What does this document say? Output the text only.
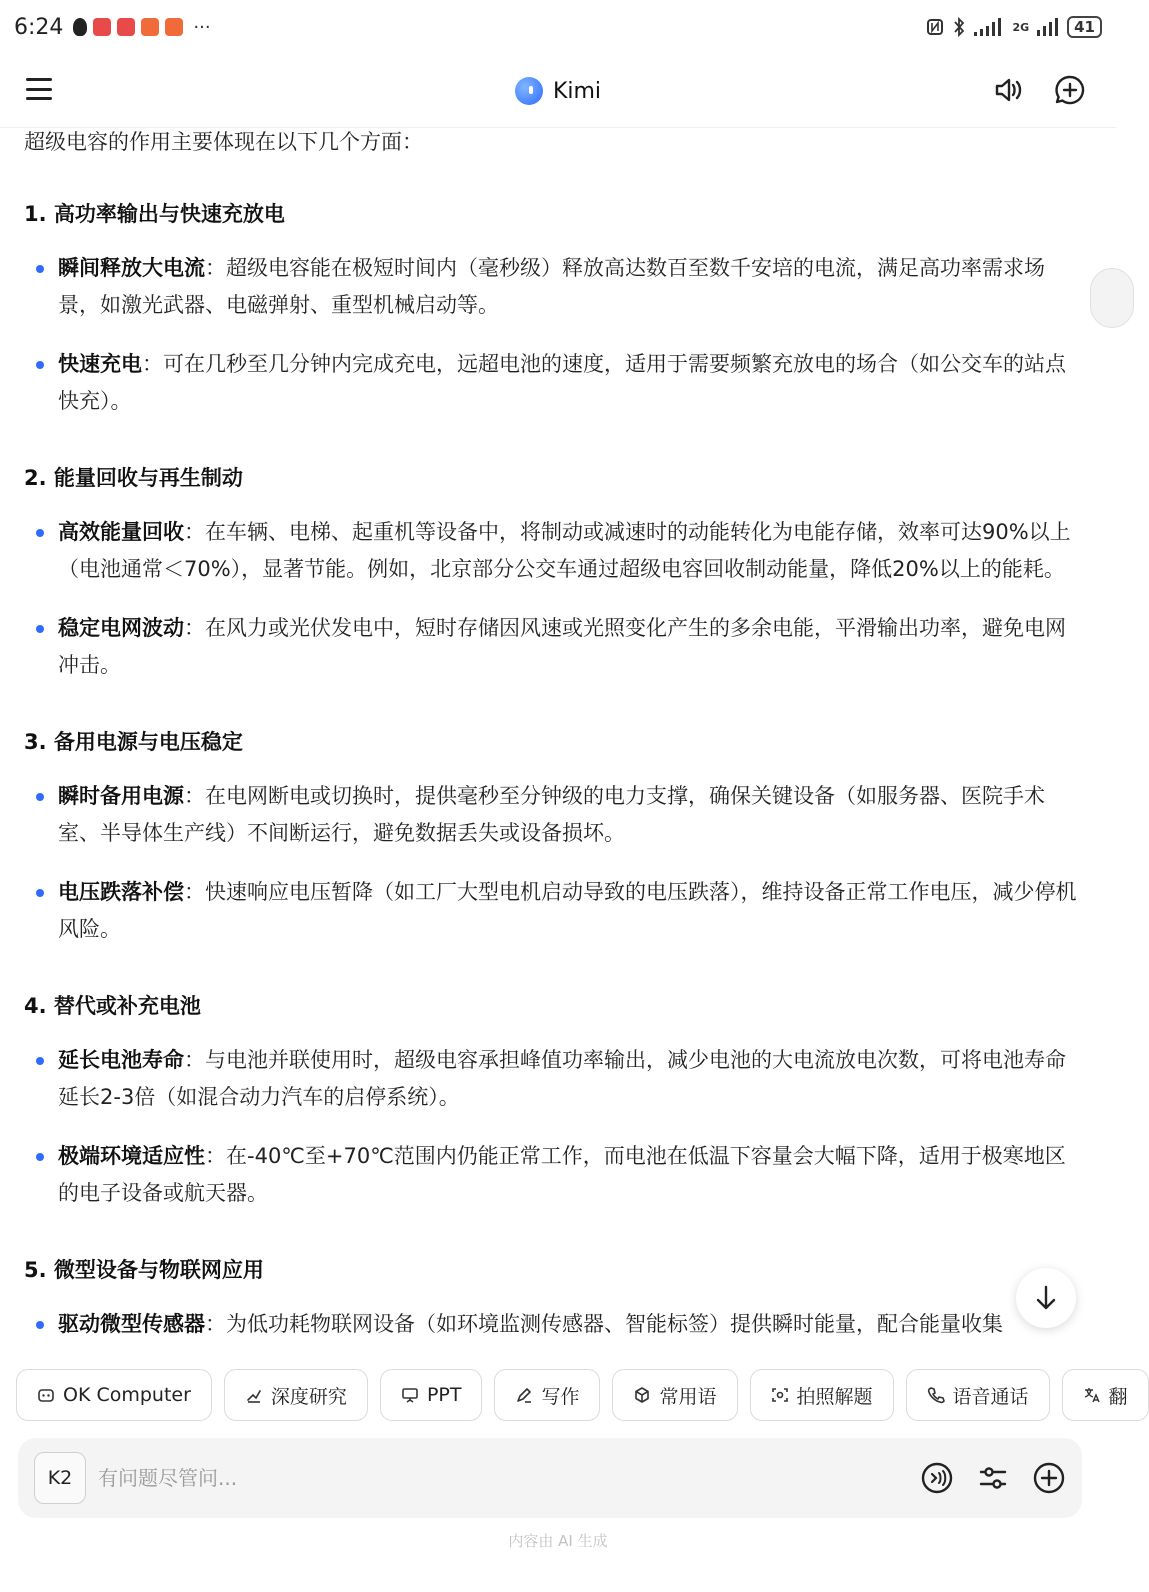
6:24	···	2G	41
Kimi

超级电容的作用主要体现在以下几个方面：

1. 高功率输出与快速充放电
瞬间释放大电流：超级电容能在极短时间内（毫秒级）释放高达数百至数千安培的电流，满足高功率需求场景，如激光武器、电磁弹射、重型机械启动等。
快速充电：可在几秒至几分钟内完成充电，远超电池的速度，适用于需要频繁充放电的场合（如公交车的站点快充）。
2. 能量回收与再生制动
高效能量回收：在车辆、电梯、起重机等设备中，将制动或减速时的动能转化为电能存储，效率可达90%以上（电池通常＜70%），显著节能。例如，北京部分公交车通过超级电容回收制动能量，降低20%以上的能耗。
稳定电网波动：在风力或光伏发电中，短时存储因风速或光照变化产生的多余电能，平滑输出功率，避免电网冲击。
3. 备用电源与电压稳定
瞬时备用电源：在电网断电或切换时，提供毫秒至分钟级的电力支撑，确保关键设备（如服务器、医院手术室、半导体生产线）不间断运行，避免数据丢失或设备损坏。
电压跌落补偿：快速响应电压暂降（如工厂大型电机启动导致的电压跌落），维持设备正常工作电压，减少停机风险。
4. 替代或补充电池
延长电池寿命：与电池并联使用时，超级电容承担峰值功率输出，减少电池的大电流放电次数，可将电池寿命延长2-3倍（如混合动力汽车的启停系统）。
极端环境适应性：在-40℃至+70℃范围内仍能正常工作，而电池在低温下容量会大幅下降，适用于极寒地区的电子设备或航天器。
5. 微型设备与物联网应用
驱动微型传感器：为低功耗物联网设备（如环境监测传感器、智能标签）提供瞬时能量，配合能量收集
OK Computer	深度研究	PPT	写作	常用语	拍照解题	语音通话	翻
K2
有问题尽管问...
内容由 AI 生成
